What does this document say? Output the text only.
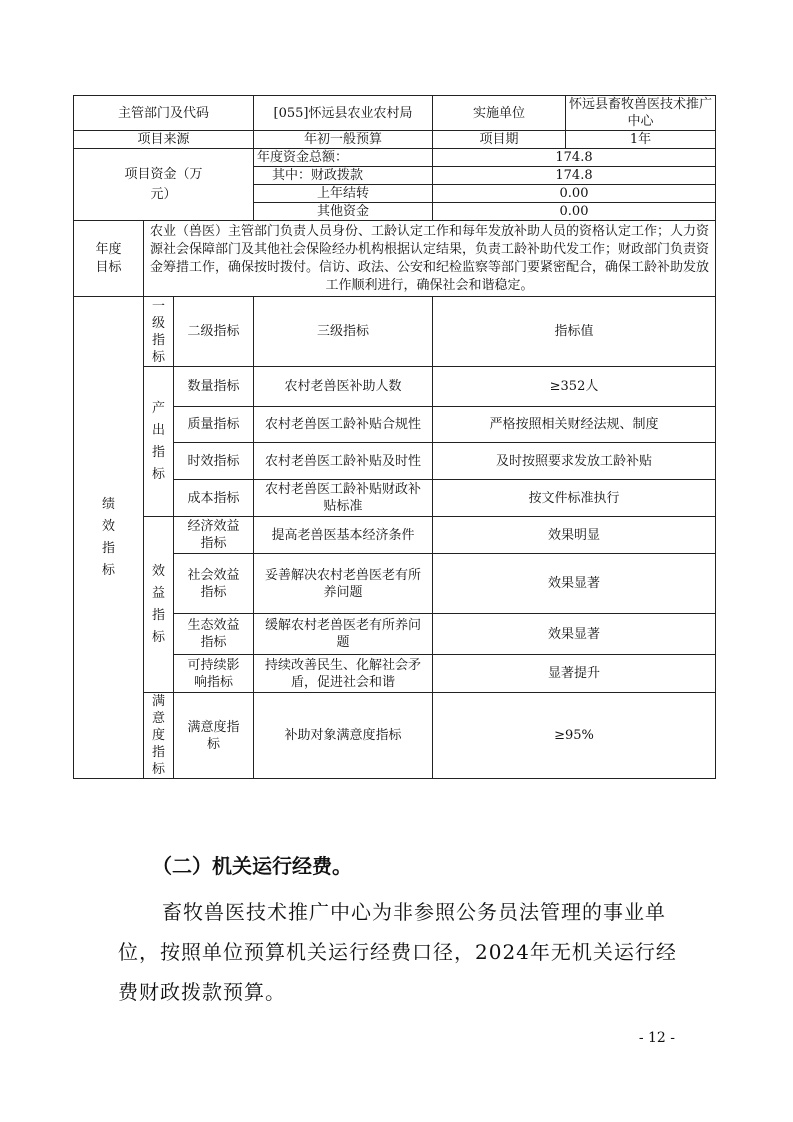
主管部门及代码			[055]怀远县农业农村局	实施单位	怀远县畜牧兽医技术推广中心
项目来源			年初一般预算	项目期	1年

项目资金（万元）			年度资金总额：	174.8	
			其中：财政拨款	174.8	
			上年结转	0.00	
			其他资金	0.00	

年度目标	农业（兽医）主管部门负责人员身份、工龄认定工作和每年发放补助人员的资格认定工作；人力资源社会保障部门及其他社会保险经办机构根据认定结果，负责工龄补助代发工作；财政部门负责资金筹措工作，确保按时拨付。信访、政法、公安和纪检监察等部门要紧密配合，确保工龄补助发放工作顺利进行，确保社会和谐稳定。				

绩效指标	一级指标	二级指标	三级指标	指标值	

	产出指标	数量指标	农村老兽医补助人数	≥352人	
		质量指标	农村老兽医工龄补贴合规性	严格按照相关财经法规、制度	
		时效指标	农村老兽医工龄补贴及时性	及时按照要求发放工龄补贴	
		成本指标	农村老兽医工龄补贴财政补贴标准	按文件标准执行	

	效益指标	经济效益指标	提高老兽医基本经济条件	效果明显	

		社会效益指标	妥善解决农村老兽医老有所养问题	效果显著	

		生态效益指标	缓解农村老兽医老有所养问题	效果显著	

		可持续影响指标	持续改善民生、化解社会矛盾，促进社会和谐	显著提升	

	满意度指标	满意度指标	补助对象满意度指标	≥95%	
（二）机关运行经费。
畜牧兽医技术推广中心为非参照公务员法管理的事业单位，按照单位预算机关运行经费口径，2024年无机关运行经费财政拨款预算。
- 12 -
